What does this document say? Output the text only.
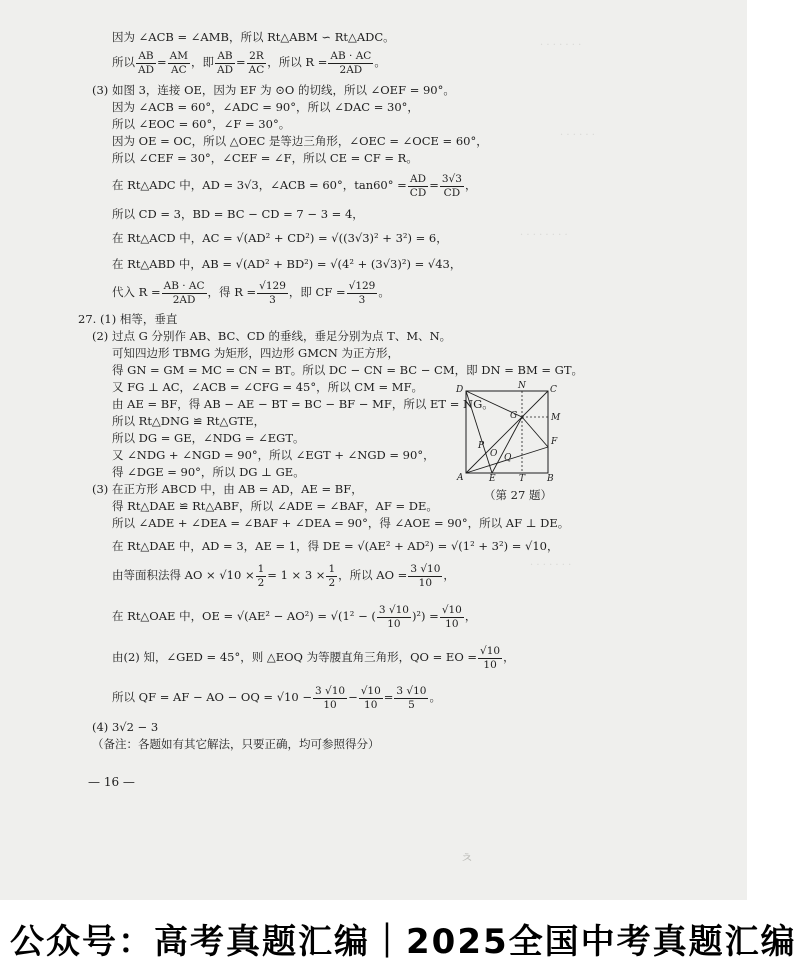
· · · · · · ·
· · · · · ·
· · · · · · · ·
· · · · · · ·
因为 ∠ACB = ∠AMB，所以 Rt△ABM ∽ Rt△ADC。
所以 $\frac{AB}{AD} = \frac{AM}{AC}$ ，即 $\frac{AB}{AD} = \frac{2R}{AC}$ ，所以 $R = \frac{AB \cdot AC}{2AD}$ 。
(3) 如图 3，连接 OE，因为 EF 为 ⊙O 的切线，所以 ∠OEF = 90°。
因为 ∠ACB = 60°，∠ADC = 90°，所以 ∠DAC = 30°，
所以 ∠EOC = 60°，∠F = 30°。
因为 OE = OC，所以 △OEC 是等边三角形，∠OEC = ∠OCE = 60°，
所以 ∠CEF = 30°，∠CEF = ∠F，所以 CE = CF = R。
在 Rt△ADC 中，AD = 3√3，∠ACB = 60°，$\tan 60^\circ = \frac{AD}{CD} = \frac{3√3}{CD}$ ，
所以 CD = 3，BD = BC − CD = 7 − 3 = 4，
在 Rt△ACD 中，AC = √(AD² + CD²) = √((3√3)² + 3²) = 6，
在 Rt△ABD 中，AB = √(AD² + BD²) = √(4² + (3√3)²) = √43，
代入 $R = \frac{AB \cdot AC}{2AD}$ ，得 $R = \frac{√129}{3}$ ，即 CF = $\frac{√129}{3}$ 。
27. (1) 相等，垂直
(2) 过点 G 分别作 AB、BC、CD 的垂线，垂足分别为点 T、M、N。
可知四边形 TBMG 为矩形，四边形 GMCN 为正方形，
得 GN = GM = MC = CN = BT。所以 DC − CN = BC − CM，即 DN = BM = GT。
又 FG ⊥ AC，∠ACB = ∠CFG = 45°，所以 CM = MF。
由 AE = BF，得 AB − AE − BT = BC − BF − MF，所以 ET = NG。
所以 Rt△DNG ≌ Rt△GTE，
所以 DG = GE，∠NDG = ∠EGT。
又 ∠NDG + ∠NGD = 90°，所以 ∠EGT + ∠NGD = 90°，
得 ∠DGE = 90°，所以 DG ⊥ GE。
(3) 在正方形 ABCD 中，由 AB = AD，AE = BF，
得 Rt△DAE ≌ Rt△ABF，所以 ∠ADE = ∠BAF，AF = DE。
所以 ∠ADE + ∠DEA = ∠BAF + ∠DEA = 90°，得 ∠AOE = 90°，所以 AF ⊥ DE。
在 Rt△DAE 中，AD = 3，AE = 1，得 DE = √(AE² + AD²) = √(1² + 3²) = √10，
由等面积法得 AO × $√10 \times \frac{1}{2} = 1 \times 3 \times \frac{1}{2}$ ，所以 AO = $\frac{3 √10}{10}$ ，
在 Rt△OAE 中，OE = √(AE² − AO²) = √(1² − ( $\frac{3 √10}{10} )^2) = \frac{√10}{10}$ ，
由(2) 知，∠GED = 45°，则 △EOQ 为等腰直角三角形，QO = EO = $\frac{√10}{10}$ ，
所以 QF = AF − AO − OQ = $√10 - \frac{3 √10}{10} - \frac{√10}{10} = \frac{3 √10}{5}$ 。
(4) 3√2 − 3
（备注：各题如有其它解法，只要正确，均可参照得分）
D	N	C
M
G
F
P
O Q
A	E	T B
（第 27 题）
— 16 —
ㅊ
公众号：高考真题汇编｜2025全国中考真题汇编
